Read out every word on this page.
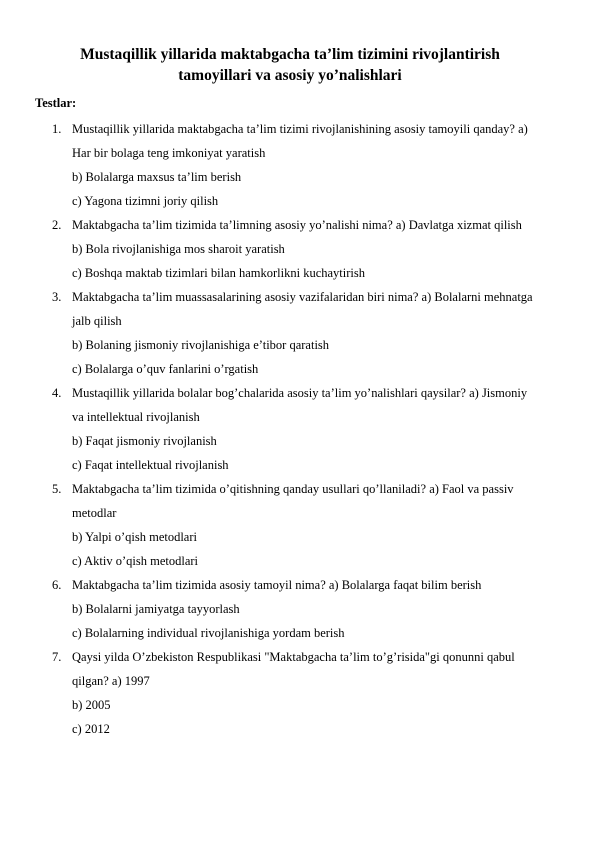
Mustaqillik yillarida maktabgacha ta’lim tizimini rivojlantirish
tamoyillari va asosiy yo’nalishlari

Testlar:

1. Mustaqillik yillarida maktabgacha ta’lim tizimi rivojlanishining asosiy tamoyili qanday? a) Har bir bolaga teng imkoniyat yaratish
b) Bolalarga maxsus ta’lim berish
c) Yagona tizimni joriy qilish
2. Maktabgacha ta’lim tizimida ta’limning asosiy yo’nalishi nima? a) Davlatga xizmat qilish
b) Bola rivojlanishiga mos sharoit yaratish
c) Boshqa maktab tizimlari bilan hamkorlikni kuchaytirish
3. Maktabgacha ta’lim muassasalarining asosiy vazifalaridan biri nima? a) Bolalarni mehnatga jalb qilish
b) Bolaning jismoniy rivojlanishiga e’tibor qaratish
c) Bolalarga o’quv fanlarini o’rgatish
4. Mustaqillik yillarida bolalar bog’chalarida asosiy ta’lim yo’nalishlari qaysilar? a) Jismoniy va intellektual rivojlanish
b) Faqat jismoniy rivojlanish
c) Faqat intellektual rivojlanish
5. Maktabgacha ta’lim tizimida o’qitishning qanday usullari qo’llaniladi? a) Faol va passiv metodlar
b) Yalpi o’qish metodlari
c) Aktiv o’qish metodlari
6. Maktabgacha ta’lim tizimida asosiy tamoyil nima? a) Bolalarga faqat bilim berish
b) Bolalarni jamiyatga tayyorlash
c) Bolalarning individual rivojlanishiga yordam berish
7. Qaysi yilda O’zbekiston Respublikasi "Maktabgacha ta’lim to’g’risida"gi qonunni qabul qilgan? a) 1997
b) 2005
c) 2012
